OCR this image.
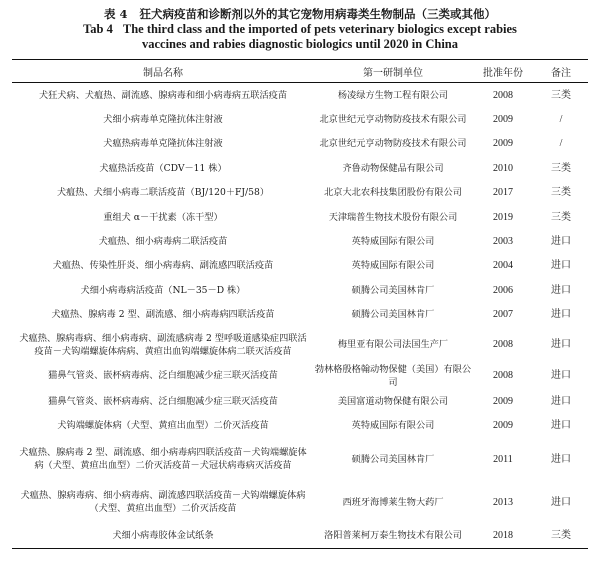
表 4 狂犬病疫苗和诊断剂以外的其它宠物用病毒类生物制品（三类或其他）
Tab 4 The third class and the imported of pets veterinary biologics except rabies
vaccines and rabies diagnostic biologics until 2020 in China
制品名称	第一研制单位	批准年份	备注
犬狂犬病、犬瘟热、副流感、腺病毒和细小病毒病五联活疫苗	杨凌绿方生物工程有限公司	2008	三类
犬细小病毒单克隆抗体注射液	北京世纪元亨动物防疫技术有限公司	2009	/
犬瘟热病毒单克隆抗体注射液	北京世纪元亨动物防疫技术有限公司	2009	/
犬瘟热活疫苗（CDV－11 株）	齐鲁动物保健品有限公司	2010	三类
犬瘟热、犬细小病毒二联活疫苗（BJ/120＋FJ/58）	北京大北农科技集团股份有限公司	2017	三类
重组犬 α－干扰素（冻干型）	天津瑞普生物技术股份有限公司	2019	三类
犬瘟热、细小病毒病二联活疫苗	英特威国际有限公司	2003	进口
犬瘟热、传染性肝炎、细小病毒病、副流感四联活疫苗	英特威国际有限公司	2004	进口
犬细小病毒病活疫苗（NL－35－D 株）	硕腾公司美国林肯厂	2006	进口
犬瘟热、腺病毒 2 型、副流感、细小病毒病四联活疫苗	硕腾公司美国林肯厂	2007	进口
犬瘟热、腺病毒病、细小病毒病、副流感病毒 2 型呼吸道感染症四联活疫苗－犬钩端螺旋体病病、黄疸出血钩端螺旋体病二联灭活疫苗	梅里亚有限公司法国生产厂	2008	进口
猫鼻气管炎、嵌杯病毒病、泛白细胞减少症三联灭活疫苗	勃林格殷格翰动物保健（美国）有限公司	2008	进口
猫鼻气管炎、嵌杯病毒病、泛白细胞减少症三联灭活疫苗	美国富道动物保健有限公司	2009	进口
犬钩端螺旋体病（犬型、黄疸出血型）二价灭活疫苗	英特威国际有限公司	2009	进口
犬瘟热、腺病毒 2 型、副流感、细小病毒病四联活疫苗－犬钩端螺旋体病（犬型、黄疸出血型）二价灭活疫苗－犬冠状病毒病灭活疫苗	硕腾公司美国林肯厂	2011	进口
犬瘟热、腺病毒病、细小病毒病、副流感四联活疫苗－犬钩端螺旋体病（犬型、黄疸出血型）二价灭活疫苗	西班牙海博莱生物大药厂	2013	进口
犬细小病毒胶体金试纸条	洛阳普莱柯万泰生物技术有限公司	2018	三类
